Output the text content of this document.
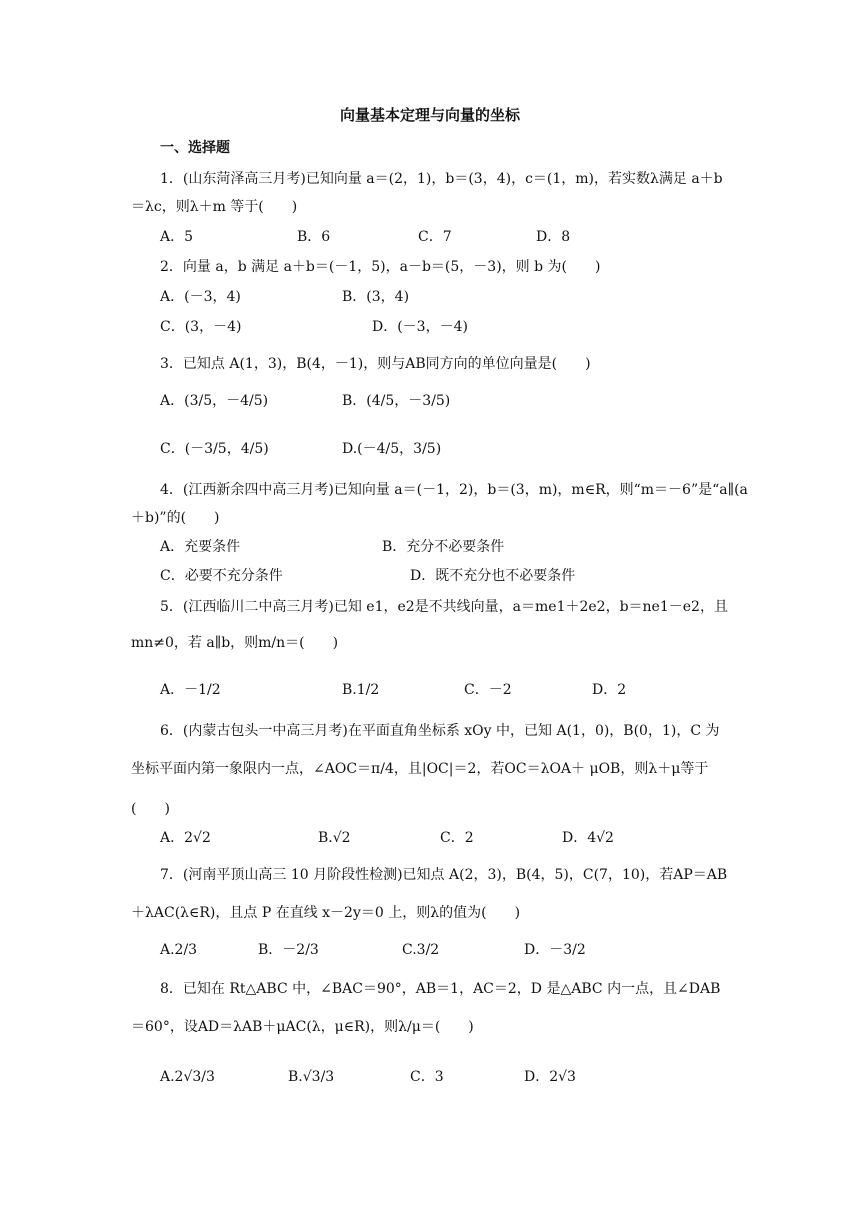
向量基本定理与向量的坐标
一、选择题
1．(山东菏泽高三月考)已知向量 a＝(2，1)，b＝(3，4)，c＝(1，m)，若实数λ满足 a＋b
＝λc，则λ＋m 等于(　　)
A．5	B．6	C．7	D．8
2．向量 a，b 满足 a＋b＝(－1，5)，a－b＝(5，－3)，则 b 为(　　)
A．(－3，4)	B．(3，4)
C．(3，－4)	D．(－3，－4)
3．已知点 A(1，3)，B(4，－1)，则与AB同方向的单位向量是(　　)
A．(3/5，－4/5)	B．(4/5，－3/5)
C．(－3/5，4/5)	D.(－4/5，3/5)
4．(江西新余四中高三月考)已知向量 a＝(－1，2)，b＝(3，m)，m∈R，则“m＝－6”是“a∥(a
＋b)”的(　　)
A．充要条件	B．充分不必要条件
C．必要不充分条件	D．既不充分也不必要条件
5．(江西临川二中高三月考)已知 e1，e2是不共线向量，a＝me1＋2e2，b＝ne1－e2，且
mn≠0，若 a∥b，则m/n＝(　　)
A．－1/2	B.1/2	C．－2	D．2
6．(内蒙古包头一中高三月考)在平面直角坐标系 xOy 中，已知 A(1，0)，B(0，1)，C 为
坐标平面内第一象限内一点，∠AOC＝π/4，且|OC|＝2，若OC＝λOA＋ μOB，则λ＋μ等于
(　　)
A．2√2	B.√2	C．2	D．4√2
7．(河南平顶山高三 10 月阶段性检测)已知点 A(2，3)，B(4，5)，C(7，10)，若AP＝AB
＋λAC(λ∈R)，且点 P 在直线 x－2y＝0 上，则λ的值为(　　)
A.2/3	B．－2/3	C.3/2	D．－3/2
8．已知在 Rt△ABC 中，∠BAC＝90°，AB＝1，AC＝2，D 是△ABC 内一点，且∠DAB
＝60°，设AD＝λAB＋μAC(λ，μ∈R)，则λ/μ＝(　　)
A.2√3/3	B.√3/3	C．3	D．2√3
